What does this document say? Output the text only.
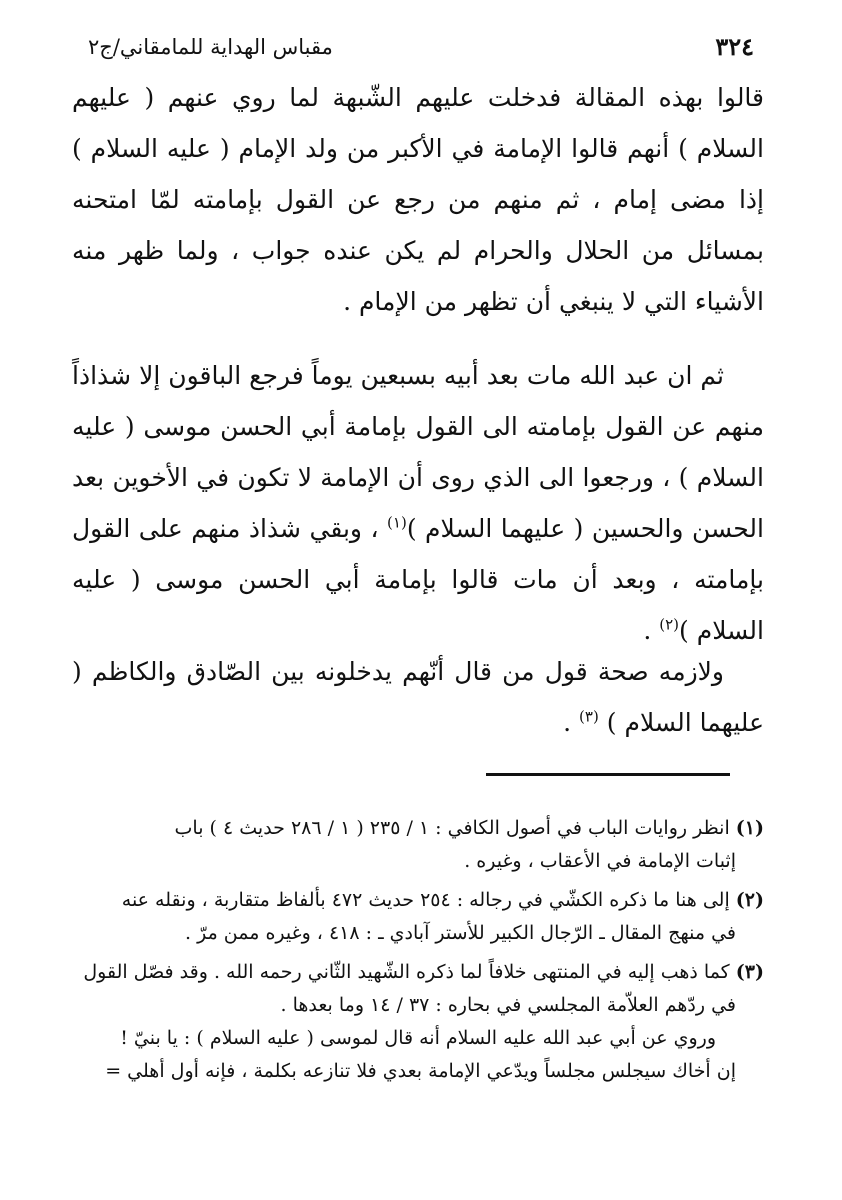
٣٢٤
مقباس الهداية للمامقاني/ج٢

قالوا بهذه المقالة فدخلت عليهم الشّبهة لما روي عنهم ( عليهم السلام ) أنهم قالوا الإمامة في الأكبر من ولد الإمام ( عليه السلام ) إذا مضى إمام ، ثم منهم من رجع عن القول بإمامته لمّا امتحنه بمسائل من الحلال والحرام لم يكن عنده جواب ، ولما ظهر منه الأشياء التي لا ينبغي أن تظهر من الإمام .

ثم ان عبد الله مات بعد أبيه بسبعين يوماً فرجع الباقون إلا شذاذاً منهم عن القول بإمامته الى القول بإمامة أبي الحسن موسى ( عليه السلام ) ، ورجعوا الى الذي روى أن الإمامة لا تكون في الأخوين بعد الحسن والحسين ( عليهما السلام )$^{(١)}$ ، وبقي شذاذ منهم على القول بإمامته ، وبعد أن مات قالوا بإمامة أبي الحسن موسى ( عليه السلام )$^{(٢)}$ .

ولازمه صحة قول من قال أنّهم يدخلونه بين الصّادق والكاظم ( عليهما السلام ) $^{(٣)}$ .

(١) انظر روايات الباب في أصول الكافي : ١ / ٢٣٥ ( ١ / ٢٨٦ حديث ٤ ) باب
إثبات الإمامة في الأعقاب ، وغيره .
(٢) إلى هنا ما ذكره الكشّي في رجاله : ٢٥٤ حديث ٤٧٢ بألفاظ متقاربة ، ونقله عنه
في منهج المقال ـ الرّجال الكبير للأستر آبادي ـ : ٤١٨ ، وغيره ممن مرّ .
(٣) كما ذهب إليه في المنتهى خلافاً لما ذكره الشّهيد الثّاني رحمه الله . وقد فصّل القول
في ردّهم العلاّمة المجلسي في بحاره : ٣٧ / ١٤ وما بعدها .
وروي عن أبي عبد الله عليه السلام أنه قال لموسى ( عليه السلام ) : يا بنيّ !
إن أخاك سيجلس مجلساً ويدّعي الإمامة بعدي فلا تنازعه بكلمة ، فإنه أول أهلي =
